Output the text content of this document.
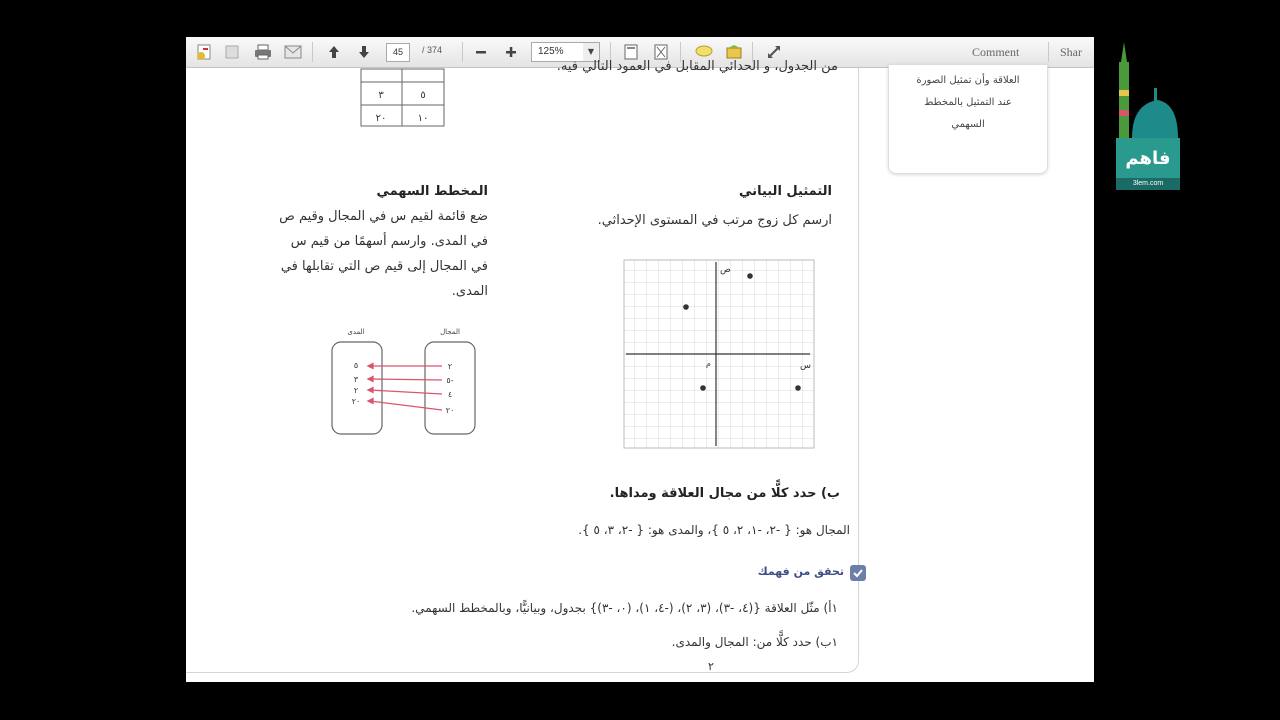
45	/ 374	125%	▼	Comment	Shar
من الجدول، و الحدائي المقابل في العمود التالي فيه.
٣	٥
٢٠	١٠
التمثيل البياني
ارسم كل زوج مرتب في المستوى الإحداثي.
س
ص
م
المخطط السهمي
ضع قائمة لقيم س في المجال وقيم ص
في المدى. وارسم أسهمًا من قيم س
في المجال إلى قيم ص التي تقابلها في
المدى.
المجال
المدى
٢
٥-
٤
٢٠
٥
٣
٢
٢٠
ب) حدد كلًّا من مجال العلاقة ومداها.
المجال هو: { -٢، -١، ٢، ٥ }، والمدى هو: { -٢، ٣، ٥ }.
تحقق من فهمك
١أ) مثّل العلاقة {(٤، -٣)، (٣، ٢)، (-٤، ١)، (٠، -٣)} بجدول، وبيانيًّا، وبالمخطط السهمي.
١ب) حدد كلًّا من: المجال والمدى.
٢
العلاقة وأن تمثيل الصورة
عند التمثيل بالمخطط
السهمي
فاهم
3lem.com
